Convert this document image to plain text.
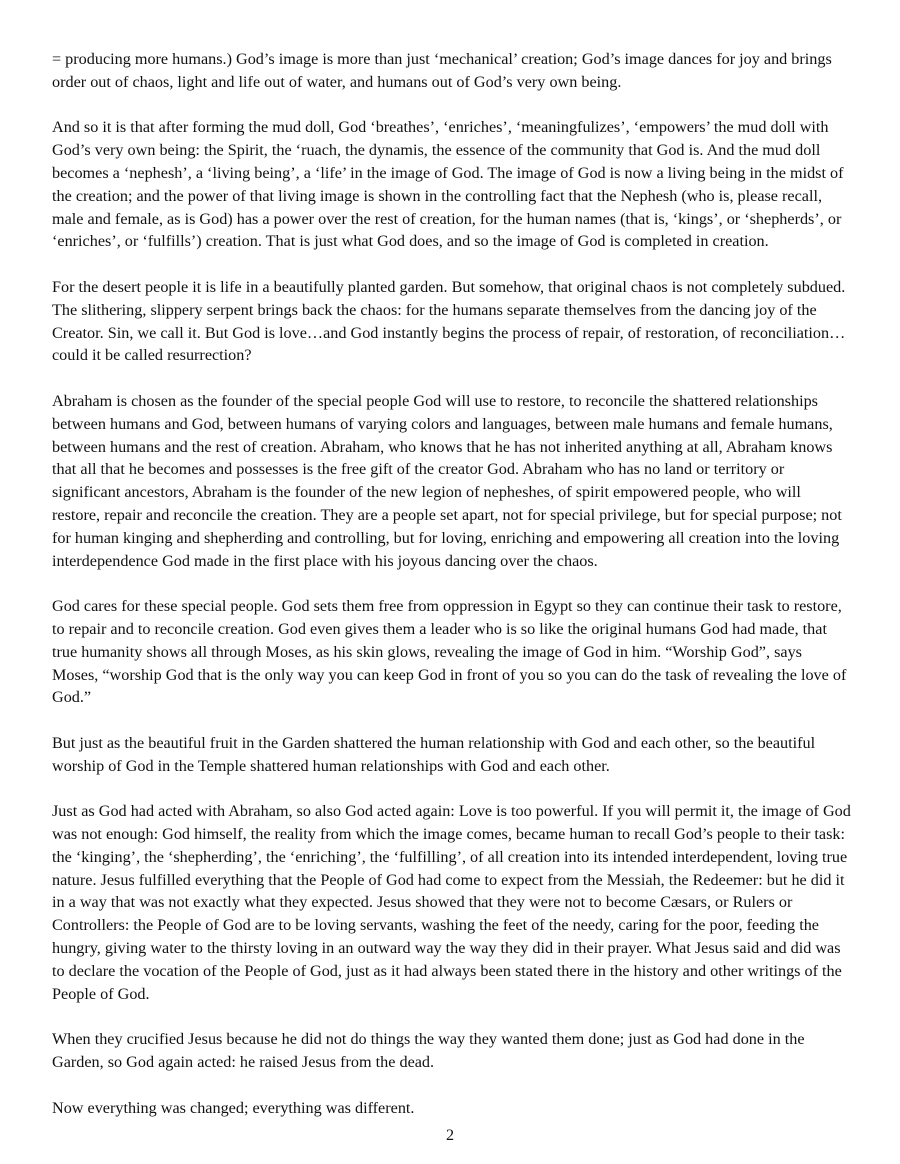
= producing more humans.) God’s image is more than just ‘mechanical’ creation; God’s image dances for joy and brings order out of chaos, light and life out of water, and humans out of God’s very own being.

And so it is that after forming the mud doll, God ‘breathes’, ‘enriches’, ‘meaningfulizes’, ‘empowers’ the mud doll with God’s very own being: the Spirit, the ‘ruach, the dynamis, the essence of the community that God is. And the mud doll becomes a ‘nephesh’, a ‘living being’, a ‘life’ in the image of God. The image of God is now a living being in the midst of the creation; and the power of that living image is shown in the controlling fact that the Nephesh (who is, please recall, male and female, as is God) has a power over the rest of creation, for the human names (that is, ‘kings’, or ‘shepherds’, or ‘enriches’, or ‘fulfills’) creation. That is just what God does, and so the image of God is completed in creation.

For the desert people it is life in a beautifully planted garden. But somehow, that original chaos is not completely subdued. The slithering, slippery serpent brings back the chaos: for the humans separate themselves from the dancing joy of the Creator. Sin, we call it. But God is love…and God instantly begins the process of repair, of restoration, of reconciliation… could it be called resurrection?

Abraham is chosen as the founder of the special people God will use to restore, to reconcile the shattered relationships between humans and God, between humans of varying colors and languages, between male humans and female humans, between humans and the rest of creation. Abraham, who knows that he has not inherited anything at all, Abraham knows that all that he becomes and possesses is the free gift of the creator God. Abraham who has no land or territory or significant ancestors, Abraham is the founder of the new legion of nepheshes, of spirit empowered people, who will restore, repair and reconcile the creation. They are a people set apart, not for special privilege, but for special purpose; not for human kinging and shepherding and controlling, but for loving, enriching and empowering all creation into the loving interdependence God made in the first place with his joyous dancing over the chaos.

God cares for these special people. God sets them free from oppression in Egypt so they can continue their task to restore, to repair and to reconcile creation. God even gives them a leader who is so like the original humans God had made, that true humanity shows all through Moses, as his skin glows, revealing the image of God in him. “Worship God”, says Moses, “worship God that is the only way you can keep God in front of you so you can do the task of revealing the love of God.”

But just as the beautiful fruit in the Garden shattered the human relationship with God and each other, so the beautiful worship of God in the Temple shattered human relationships with God and each other.

Just as God had acted with Abraham, so also God acted again: Love is too powerful. If you will permit it, the image of God was not enough: God himself, the reality from which the image comes, became human to recall God’s people to their task: the ‘kinging’, the ‘shepherding’, the ‘enriching’, the ‘fulfilling’, of all creation into its intended interdependent, loving true nature. Jesus fulfilled everything that the People of God had come to expect from the Messiah, the Redeemer: but he did it in a way that was not exactly what they expected. Jesus showed that they were not to become Cæsars, or Rulers or Controllers: the People of God are to be loving servants, washing the feet of the needy, caring for the poor, feeding the hungry, giving water to the thirsty loving in an outward way the way they did in their prayer. What Jesus said and did was to declare the vocation of the People of God, just as it had always been stated there in the history and other writings of the People of God.

When they crucified Jesus because he did not do things the way they wanted them done; just as God had done in the Garden, so God again acted: he raised Jesus from the dead.

Now everything was changed; everything was different.

2
